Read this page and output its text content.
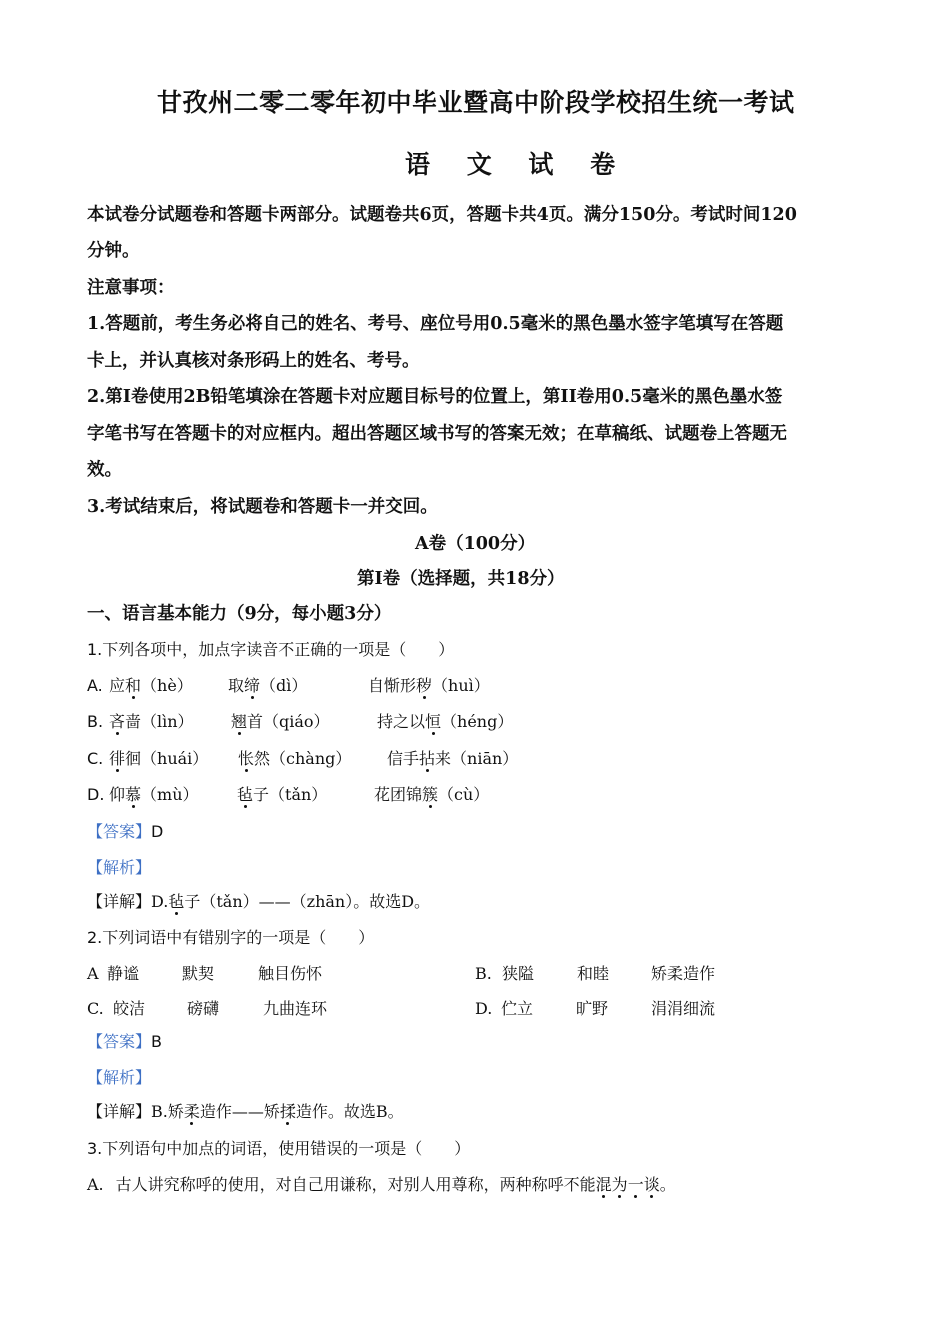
甘孜州二零二零年初中毕业暨高中阶段学校招生统一考试
语 文 试 卷
本试卷分试题卷和答题卡两部分。试题卷共6页，答题卡共4页。满分150分。考试时间120
分钟。
注意事项：
1.答题前，考生务必将自己的姓名、考号、座位号用0.5毫米的黑色墨水签字笔填写在答题
卡上，并认真核对条形码上的姓名、考号。
2.第Ⅰ卷使用2B铅笔填涂在答题卡对应题目标号的位置上，第II卷用0.5毫米的黑色墨水签
字笔书写在答题卡的对应框内。超出答题区域书写的答案无效；在草稿纸、试题卷上答题无
效。
3.考试结束后，将试题卷和答题卡一并交回。
A卷（100分）
第Ⅰ卷（选择题，共18分）
一、语言基本能力（9分，每小题3分）
1.下列各项中，加点字读音不正确的一项是（　　）
A. 应和（hè） 取缔（dì）	自惭形秽（huì）
B. 吝啬（lìn） 翘首（qiáo）	持之以恒（héng）
C. 徘徊（huái） 怅然（chàng） 信手拈来（niān）
D. 仰慕（mù） 毡子（tǎn）	花团锦簇（cù）
【答案】D
【解析】
【详解】D.毡子（tǎn）——（zhān）。故选D。
2.下列词语中有错别字的一项是（　　）
A 静谧	默契	触目伤怀	B. 狭隘	和睦	矫柔造作
C. 皎洁	磅礴	九曲连环	D. 伫立	旷野	涓涓细流
【答案】B
【解析】
【详解】B.矫柔造作——矫揉造作。故选B。
3.下列语句中加点的词语，使用错误的一项是（　　）
A. 古人讲究称呼的使用，对自己用谦称，对别人用尊称，两种称呼不能混为一谈。
